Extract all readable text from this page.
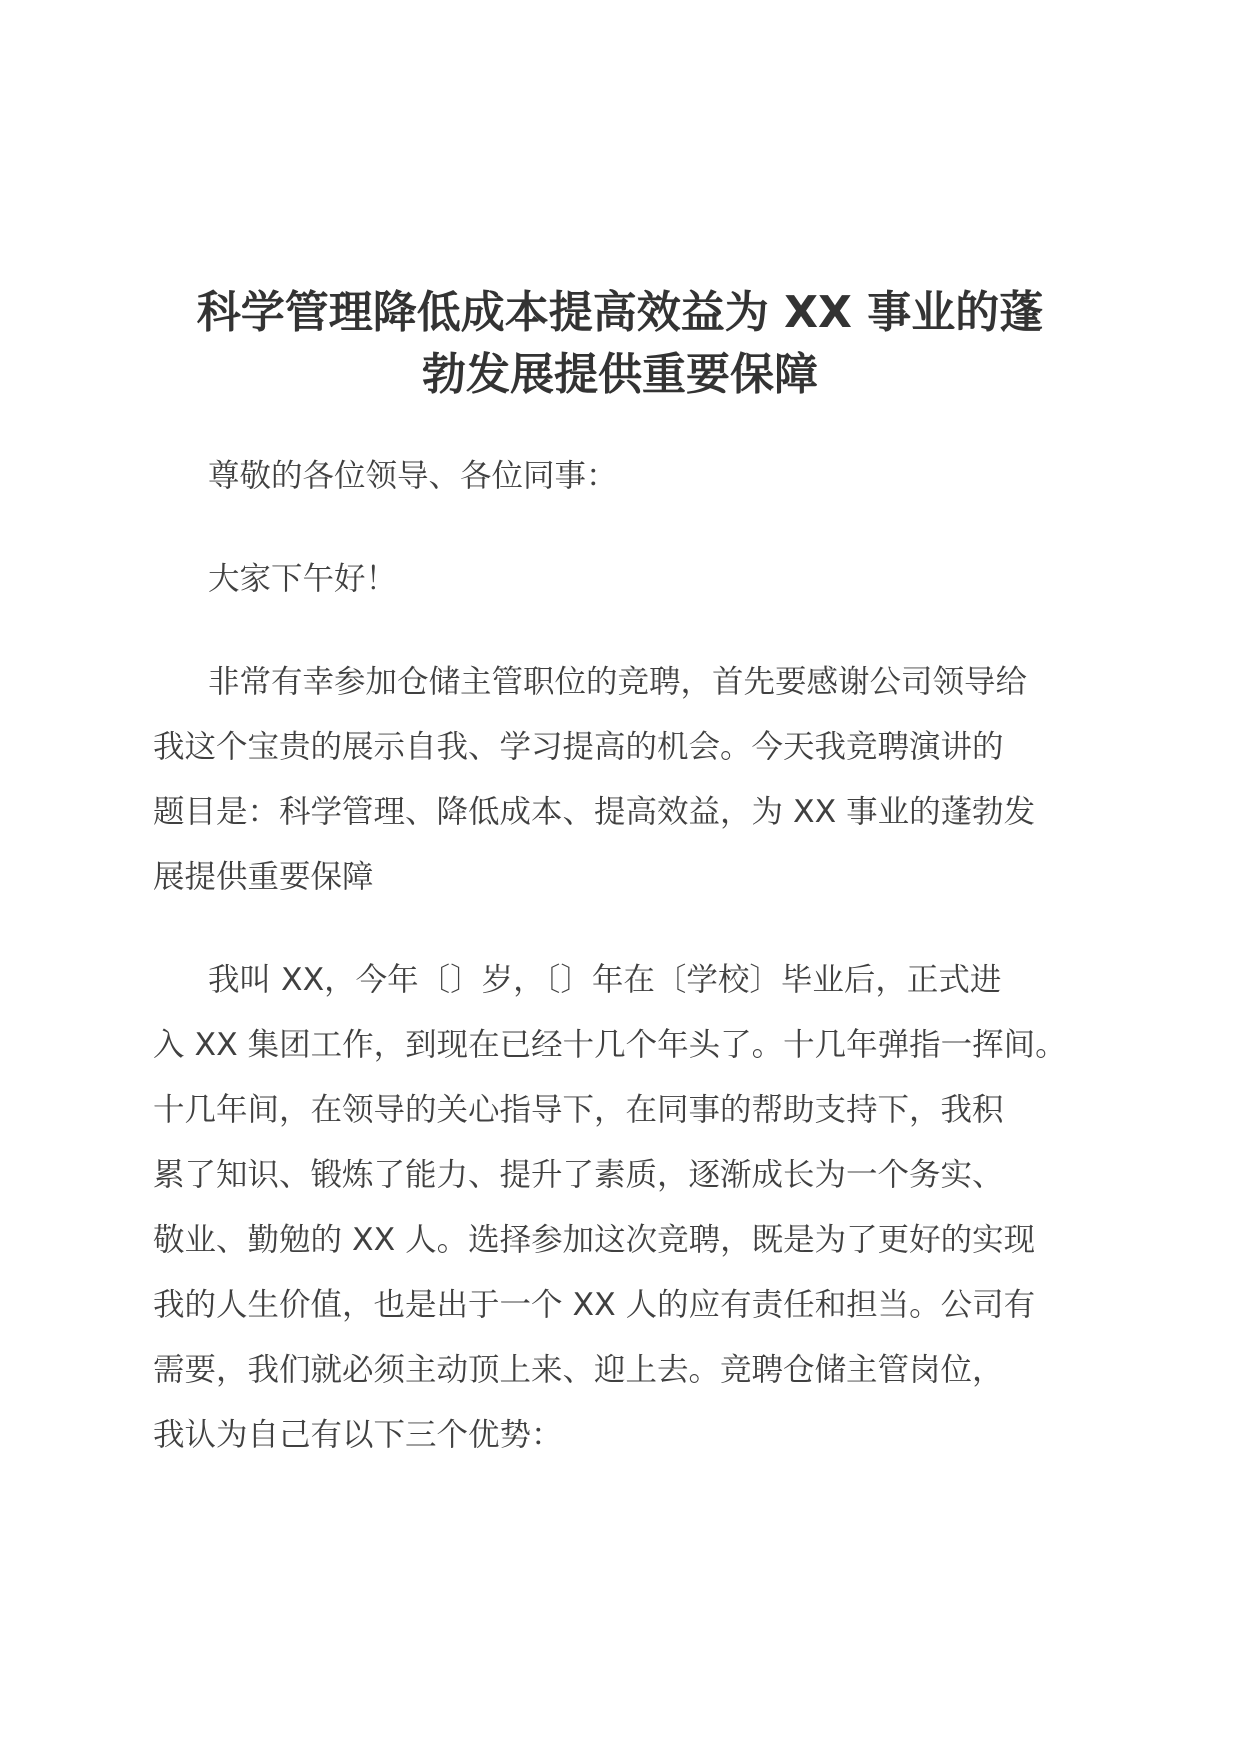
科学管理降低成本提高效益为 XX 事业的蓬
勃发展提供重要保障
尊敬的各位领导、各位同事：
大家下午好！
非常有幸参加仓储主管职位的竞聘，首先要感谢公司领导给
我这个宝贵的展示自我、学习提高的机会。今天我竞聘演讲的
题目是：科学管理、降低成本、提高效益，为 XX 事业的蓬勃发
展提供重要保障
我叫 XX，今年〔〕岁，〔〕年在〔学校〕毕业后，正式进
入 XX 集团工作，到现在已经十几个年头了。十几年弹指一挥间。
十几年间，在领导的关心指导下，在同事的帮助支持下，我积
累了知识、锻炼了能力、提升了素质，逐渐成长为一个务实、
敬业、勤勉的 XX 人。选择参加这次竞聘，既是为了更好的实现
我的人生价值，也是出于一个 XX 人的应有责任和担当。公司有
需要，我们就必须主动顶上来、迎上去。竞聘仓储主管岗位，
我认为自己有以下三个优势：
